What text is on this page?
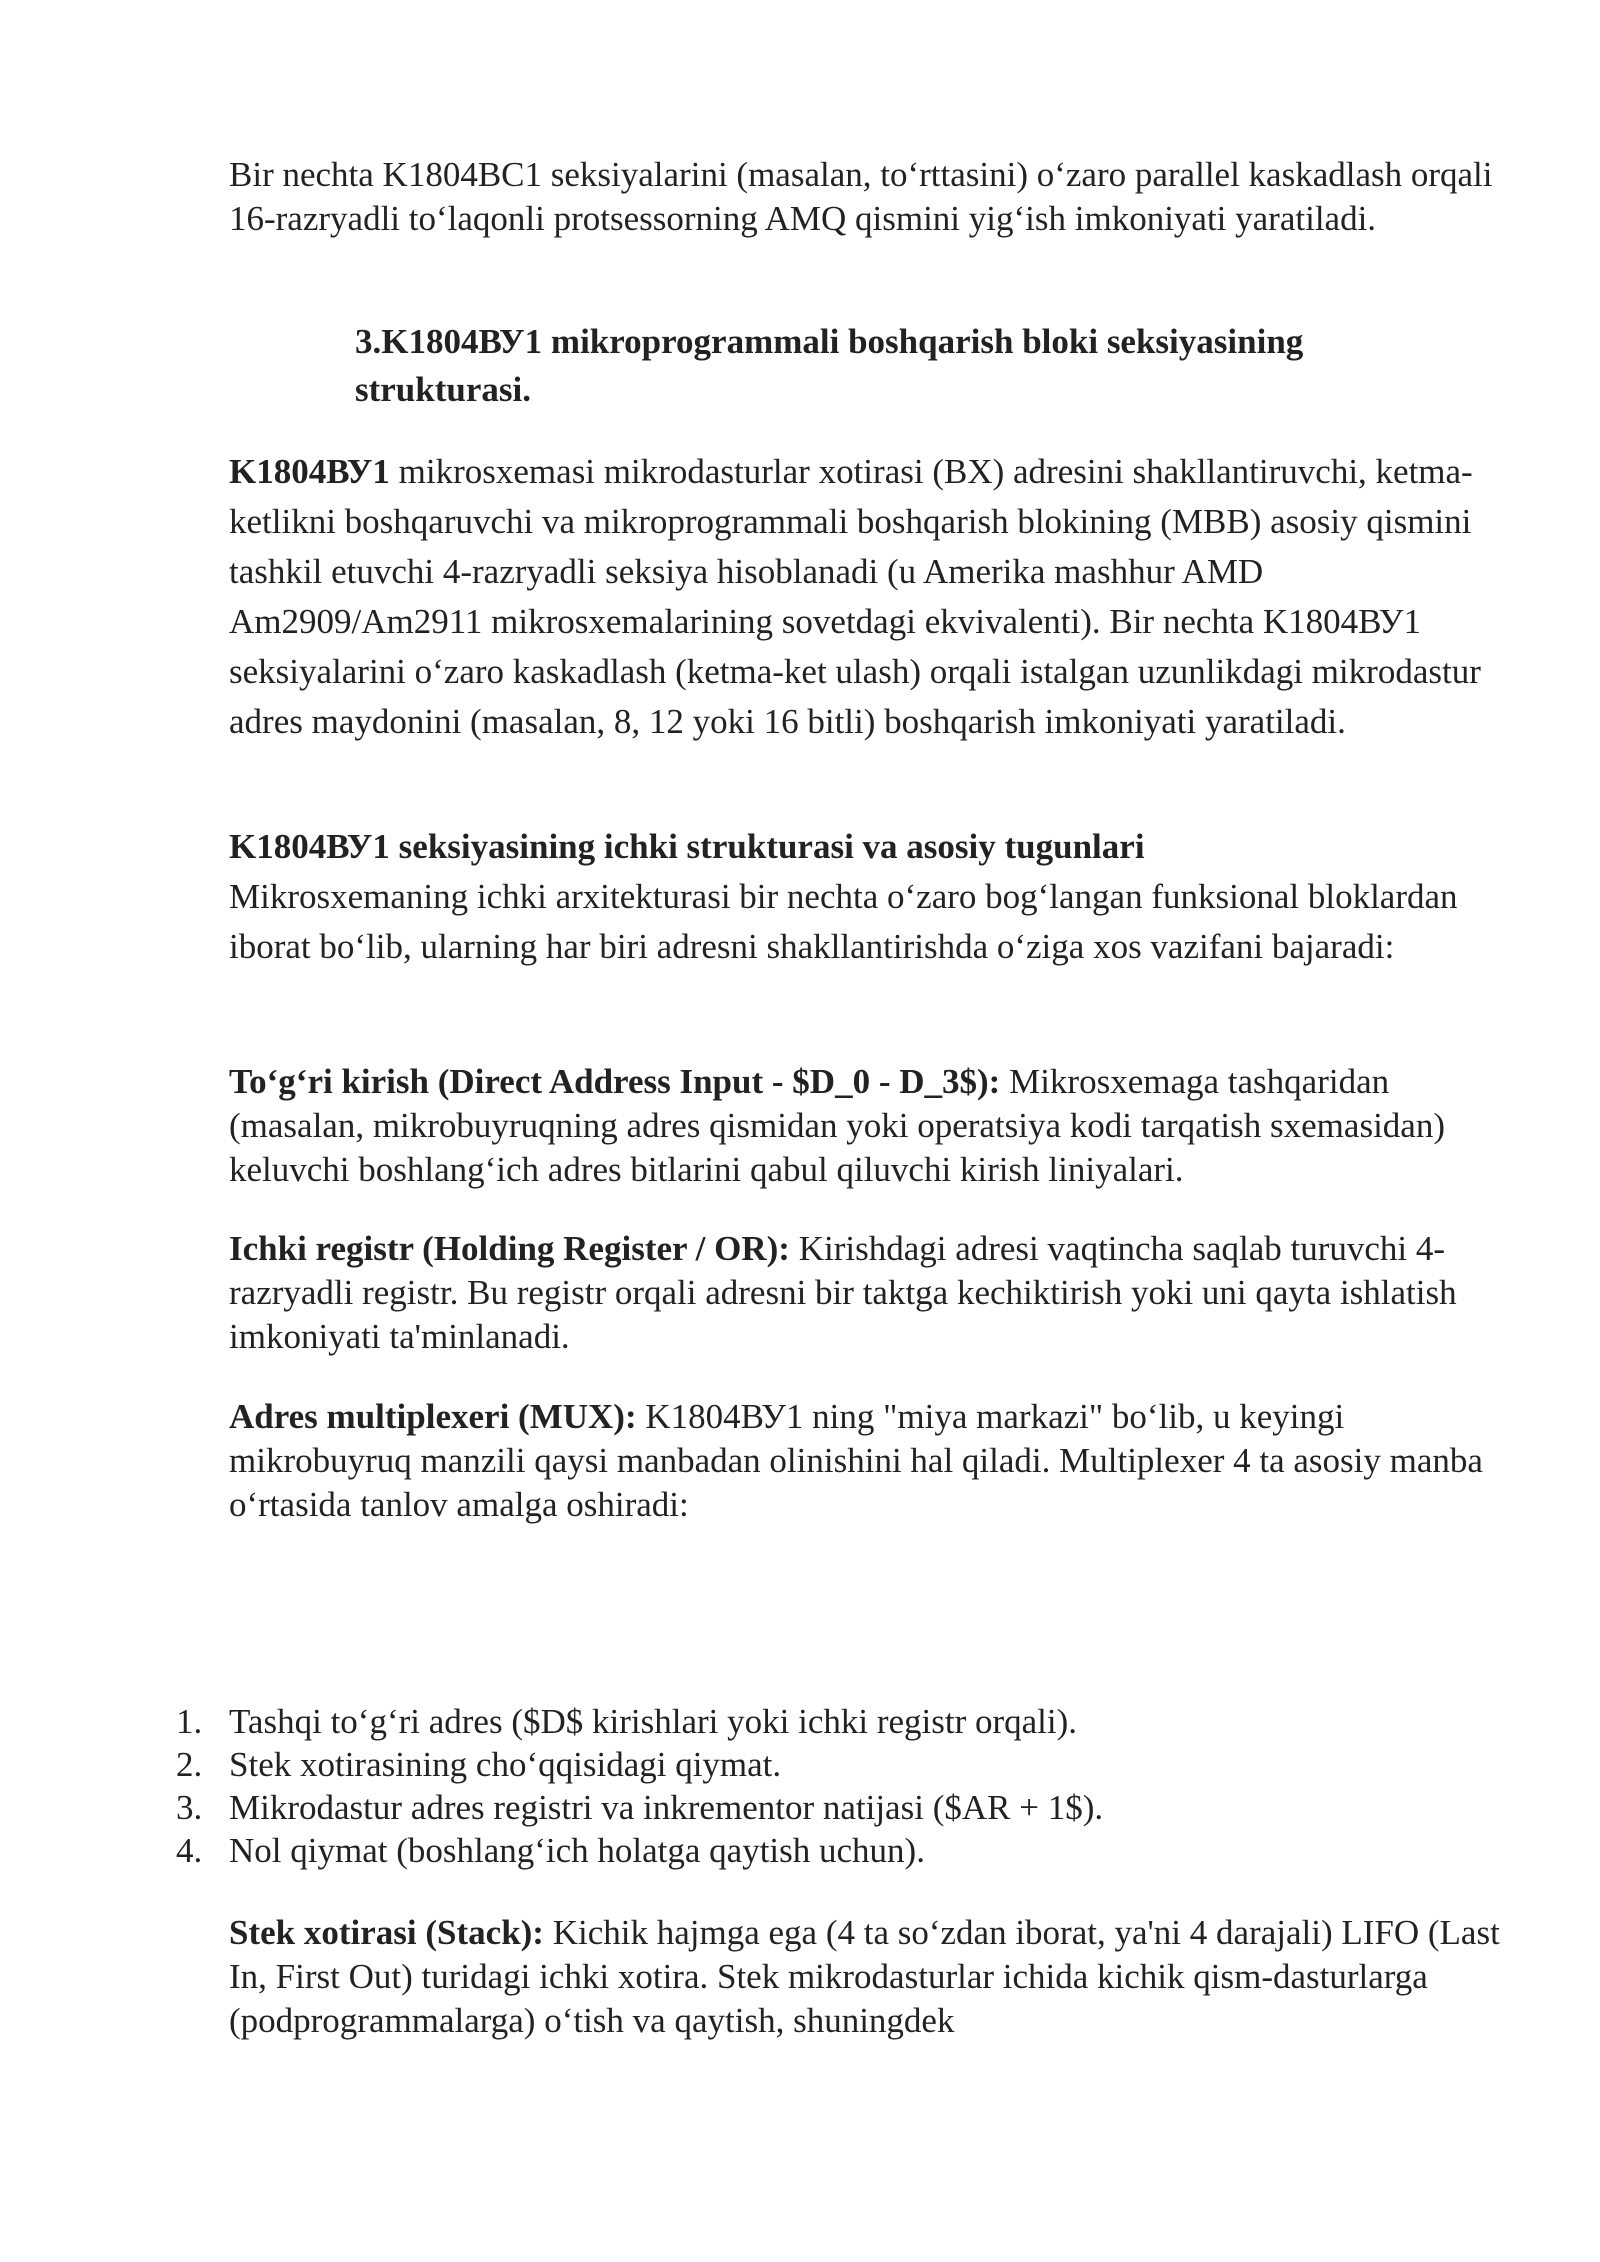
Bir nechta K1804BC1 seksiyalarini (masalan, to‘rttasini) o‘zaro parallel kaskadlash orqali 16-razryadli to‘laqonli protsessorning AMQ qismini yig‘ish imkoniyati yaratiladi.

3.K1804ВУ1 mikroprogrammali boshqarish bloki seksiyasining strukturasi.

K1804ВУ1 mikrosxemasi mikrodasturlar xotirasi (BX) adresini shakllantiruvchi, ketma-ketlikni boshqaruvchi va mikroprogrammali boshqarish blokining (MBB) asosiy qismini tashkil etuvchi 4-razryadli seksiya hisoblanadi (u Amerika mashhur AMD Am2909/Am2911 mikrosxemalarining sovetdagi ekvivalenti). Bir nechta K1804ВУ1 seksiyalarini o‘zaro kaskadlash (ketma-ket ulash) orqali istalgan uzunlikdagi mikrodastur adres maydonini (masalan, 8, 12 yoki 16 bitli) boshqarish imkoniyati yaratiladi.

K1804ВУ1 seksiyasining ichki strukturasi va asosiy tugunlari
Mikrosxemaning ichki arxitekturasi bir nechta o‘zaro bog‘langan funksional bloklardan iborat bo‘lib, ularning har biri adresni shakllantirishda o‘ziga xos vazifani bajaradi:

To‘g‘ri kirish (Direct Address Input - $D_0 - D_3$): Mikrosxemaga tashqaridan (masalan, mikrobuyruqning adres qismidan yoki operatsiya kodi tarqatish sxemasidan) keluvchi boshlang‘ich adres bitlarini qabul qiluvchi kirish liniyalari.

Ichki registr (Holding Register / OR): Kirishdagi adresi vaqtincha saqlab turuvchi 4-razryadli registr. Bu registr orqali adresni bir taktga kechiktirish yoki uni qayta ishlatish imkoniyati ta'minlanadi.

Adres multiplexeri (MUX): K1804ВУ1 ning "miya markazi" bo‘lib, u keyingi mikrobuyruq manzili qaysi manbadan olinishini hal qiladi. Multiplexer 4 ta asosiy manba o‘rtasida tanlov amalga oshiradi:

1. Tashqi to‘g‘ri adres ($D$ kirishlari yoki ichki registr orqali).
2. Stek xotirasining cho‘qqisidagi qiymat.
3. Mikrodastur adres registri va inkrementor natijasi ($AR + 1$).
4. Nol qiymat (boshlang‘ich holatga qaytish uchun).

Stek xotirasi (Stack): Kichik hajmga ega (4 ta so‘zdan iborat, ya'ni 4 darajali) LIFO (Last In, First Out) turidagi ichki xotira. Stek mikrodasturlar ichida kichik qism-dasturlarga (podprogrammalarga) o‘tish va qaytish, shuningdek
